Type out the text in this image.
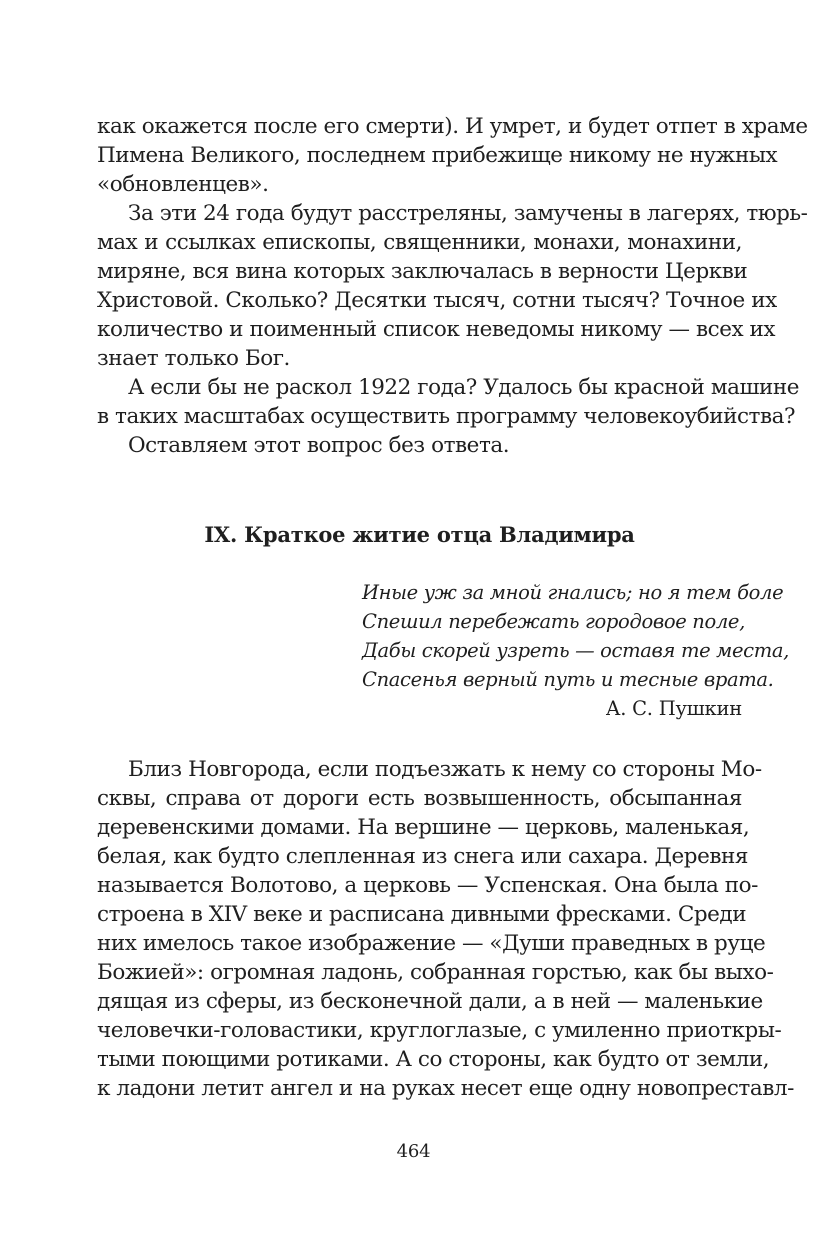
как окажется после его смерти). И умрет, и будет отпет в храме
Пимена Великого, последнем прибежище никому не нужных
«обновленцев».
За эти 24 года будут расстреляны, замучены в лагерях, тюрь-
мах и ссылках епископы, священники, монахи, монахини,
миряне, вся вина которых заключалась в верности Церкви
Христовой. Сколько? Десятки тысяч, сотни тысяч? Точное их
количество и поименный список неведомы никому — всех их
знает только Бог.
А если бы не раскол 1922 года? Удалось бы красной машине
в таких масштабах осуществить программу человекоубийства?
Оставляем этот вопрос без ответа.
IX. Краткое житие отца Владимира
Иные уж за мной гнались; но я тем боле
Спешил перебежать городовое поле,
Дабы скорей узреть — оставя те места,
Спасенья верный путь и тесные врата.
А. С. Пушкин
Близ Новгорода, если подъезжать к нему со стороны Мо-
сквы, справа от дороги есть возвышенность, обсыпанная
деревенскими домами. На вершине — церковь, маленькая,
белая, как будто слепленная из снега или сахара. Деревня
называется Волотово, а церковь — Успенская. Она была по-
строена в XIV веке и расписана дивными фресками. Среди
них имелось такое изображение — «Души праведных в руце
Божией»: огромная ладонь, собранная горстью, как бы выхо-
дящая из сферы, из бесконечной дали, а в ней — маленькие
человечки-головастики, круглоглазые, с умиленно приоткры-
тыми поющими ротиками. А со стороны, как будто от земли,
к ладони летит ангел и на руках несет еще одну новопреставл-
464
